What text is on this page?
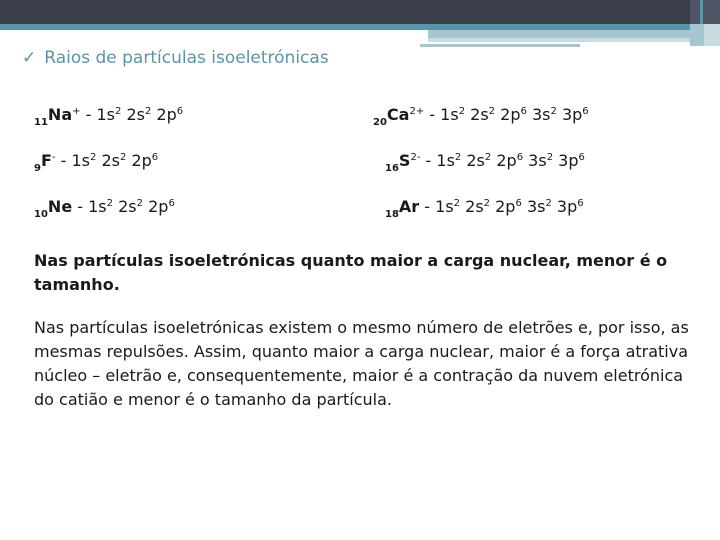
✓ Raios de partículas isoeletrónicas
$_{11}Na^+ - 1s^2$ $2s^2$ $2p^6$
$_9F^- - 1s^2$ $2s^2$ $2p^6$
$_{10}Ne - 1s^2$ $2s^2$ $2p^6$
$_{20}Ca^{2+} - 1s^2$ $2s^2$ $2p^6$ $3s^2$ $3p^6$
$_{16}S^{2-} - 1s^2$ $2s^2$ $2p^6$ $3s^2$ $3p^6$
$_{18}Ar - 1s^2$ $2s^2$ $2p^6$ $3s^2$ $3p^6$
Nas partículas isoeletrónicas quanto maior a carga nuclear, menor é o tamanho.
Nas partículas isoeletrónicas existem o mesmo número de eletrões e, por isso, as mesmas repulsões. Assim, quanto maior a carga nuclear, maior é a força atrativa núcleo – eletrão e, consequentemente, maior é a contração da nuvem eletrónica do catião e menor é o tamanho da partícula.
